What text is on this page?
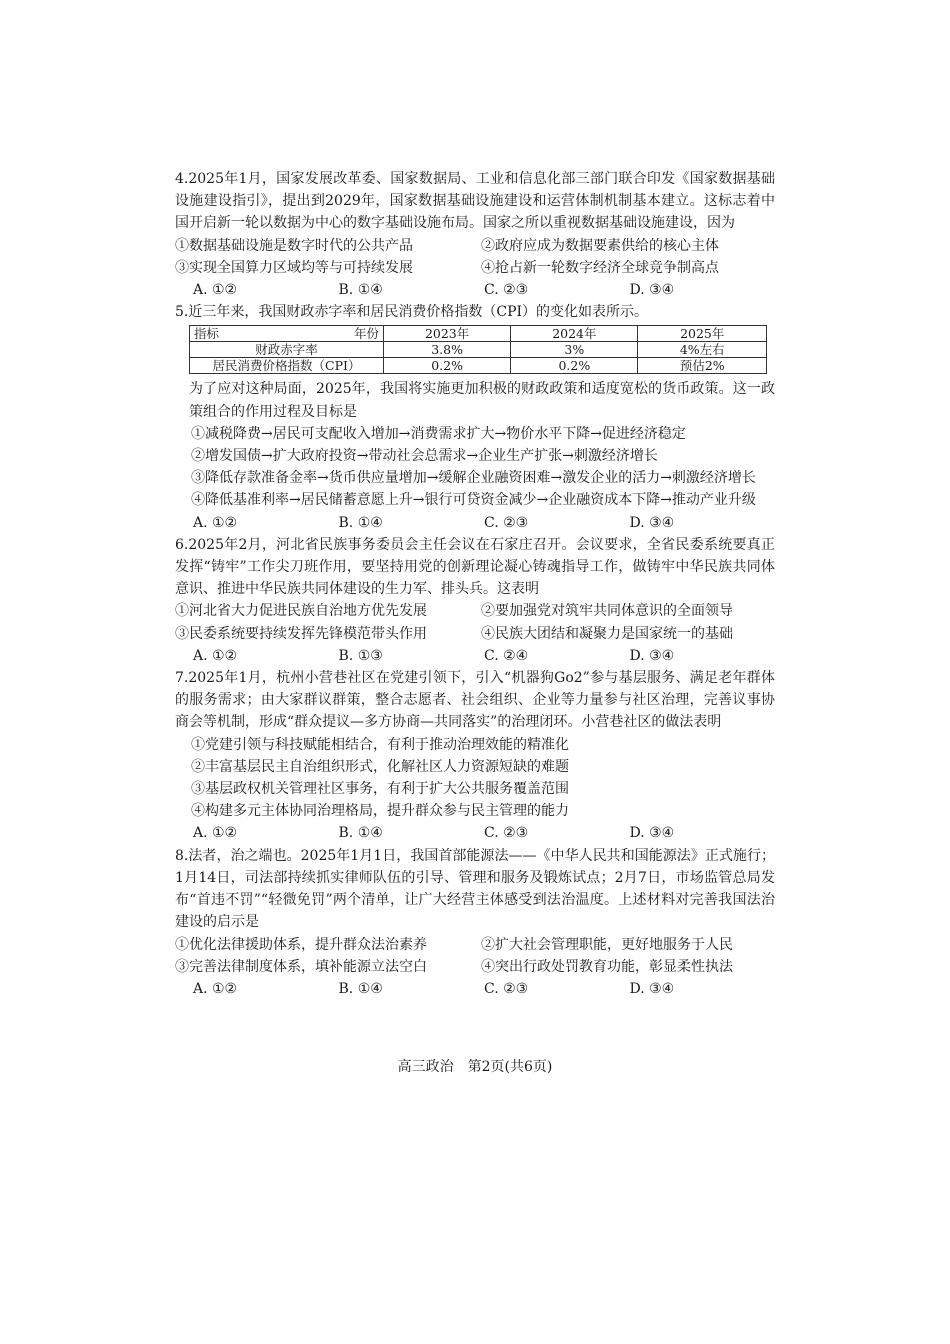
4.2025年1月，国家发展改革委、国家数据局、工业和信息化部三部门联合印发《国家数据基础设施建设指引》，提出到2029年，国家数据基础设施建设和运营体制机制基本建立。这标志着中国开启新一轮以数据为中心的数字基础设施布局。国家之所以重视数据基础设施建设，因为
①数据基础设施是数字时代的公共产品	②政府应成为数据要素供给的核心主体
③实现全国算力区域均等与可持续发展	④抢占新一轮数字经济全球竞争制高点
A. ①②	B. ①④	C. ②③	D. ③④
5.近三年来，我国财政赤字率和居民消费价格指数（CPI）的变化如表所示。
指标 年份	2023年	2024年	2025年
财政赤字率	3.8%	3%	4%左右
居民消费价格指数（CPI）	0.2%	0.2%	预估2%
为了应对这种局面，2025年，我国将实施更加积极的财政政策和适度宽松的货币政策。这一政策组合的作用过程及目标是
①减税降费→居民可支配收入增加→消费需求扩大→物价水平下降→促进经济稳定
②增发国债→扩大政府投资→带动社会总需求→企业生产扩张→刺激经济增长
③降低存款准备金率→货币供应量增加→缓解企业融资困难→激发企业的活力→刺激经济增长
④降低基准利率→居民储蓄意愿上升→银行可贷资金减少→企业融资成本下降→推动产业升级
A. ①②	B. ①④	C. ②③	D. ③④
6.2025年2月，河北省民族事务委员会主任会议在石家庄召开。会议要求，全省民委系统要真正发挥“铸牢”工作尖刀班作用，要坚持用党的创新理论凝心铸魂指导工作，做铸牢中华民族共同体意识、推进中华民族共同体建设的生力军、排头兵。这表明
①河北省大力促进民族自治地方优先发展	②要加强党对筑牢共同体意识的全面领导
③民委系统要持续发挥先锋模范带头作用	④民族大团结和凝聚力是国家统一的基础
A. ①②	B. ①③	C. ②④	D. ③④
7.2025年1月，杭州小营巷社区在党建引领下，引入“机器狗Go2”参与基层服务、满足老年群体的服务需求；由大家群议群策，整合志愿者、社会组织、企业等力量参与社区治理，完善议事协商会等机制，形成“群众提议—多方协商—共同落实”的治理闭环。小营巷社区的做法表明
①党建引领与科技赋能相结合，有利于推动治理效能的精准化
②丰富基层民主自治组织形式，化解社区人力资源短缺的难题
③基层政权机关管理社区事务，有利于扩大公共服务覆盖范围
④构建多元主体协同治理格局，提升群众参与民主管理的能力
A. ①②	B. ①④	C. ②③	D. ③④
8.法者，治之端也。2025年1月1日，我国首部能源法——《中华人民共和国能源法》正式施行；1月14日，司法部持续抓实律师队伍的引导、管理和服务及锻炼试点；2月7日，市场监管总局发布“首违不罚”“轻微免罚”两个清单，让广大经营主体感受到法治温度。上述材料对完善我国法治建设的启示是
①优化法律援助体系，提升群众法治素养	②扩大社会管理职能，更好地服务于人民
③完善法律制度体系，填补能源立法空白	④突出行政处罚教育功能，彰显柔性执法
A. ①②	B. ①④	C. ②③	D. ③④
高三政治　第2页(共6页)
